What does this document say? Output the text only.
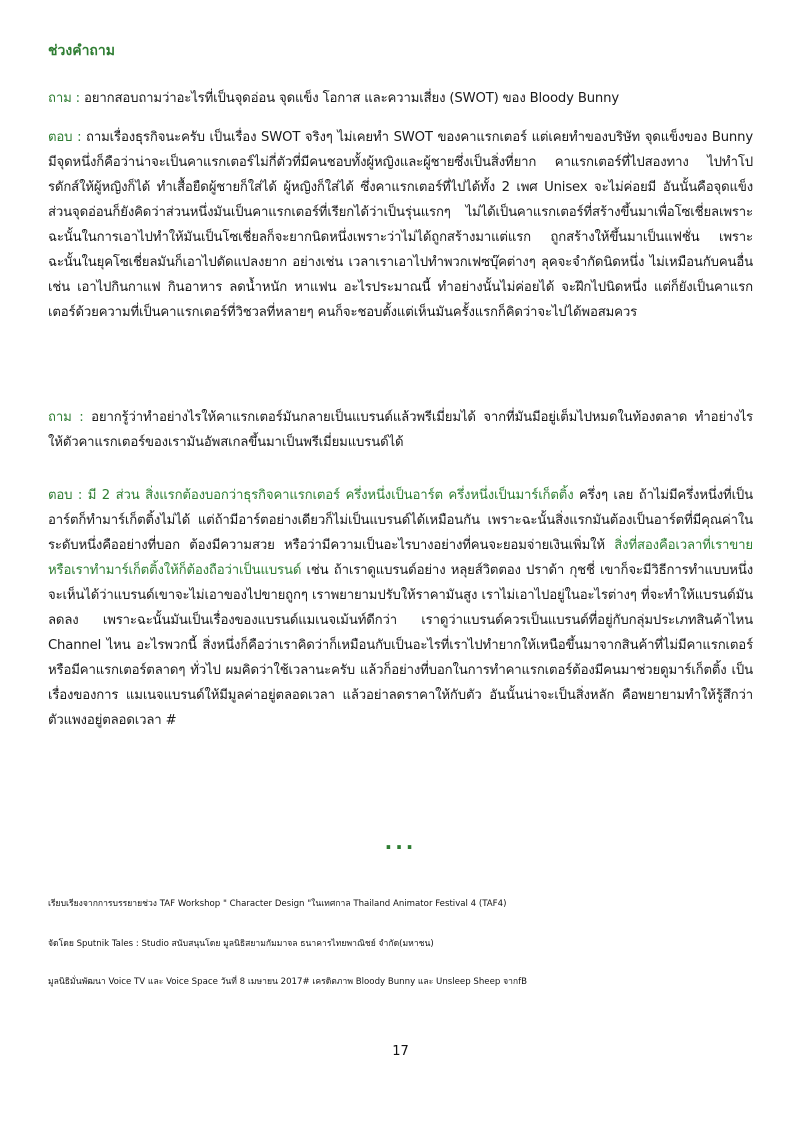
ช่วงคำถาม
ถาม : อยากสอบถามว่าอะไรที่เป็นจุดอ่อน จุดแข็ง โอกาส และความเสี่ยง (SWOT) ของ Bloody Bunny
ตอบ : ถามเรื่องธุรกิจนะครับ เป็นเรื่อง SWOT จริงๆ ไม่เคยทำ SWOT ของคาแรกเตอร์ แต่เคยทำของบริษัท จุดแข็งของ Bunny มีจุดหนึ่งก็คือว่าน่าจะเป็นคาแรกเตอร์ไม่กี่ตัวที่มีคนชอบทั้งผู้หญิงและผู้ชายซึ่งเป็นสิ่งที่ยาก คาแรกเตอร์ที่ไปสองทาง ไปทำโปรดักส์ให้ผู้หญิงก็ได้ ทำเสื้อยืดผู้ชายก็ใส่ได้ ผู้หญิงก็ใส่ได้ ซึ่งคาแรกเตอร์ที่ไปได้ทั้ง 2 เพศ Unisex จะไม่ค่อยมี อันนั้นคือจุดแข็ง ส่วนจุดอ่อนก็ยังคิดว่าส่วนหนึ่งมันเป็นคาแรกเตอร์ที่เรียกได้ว่าเป็นรุ่นแรกๆ ไม่ได้เป็นคาแรกเตอร์ที่สร้างขึ้นมาเพื่อโซเชี่ยลเพราะฉะนั้นในการเอาไปทำให้มันเป็นโซเชี่ยลก็จะยากนิดหนึ่งเพราะว่าไม่ได้ถูกสร้างมาแต่แรก ถูกสร้างให้ขึ้นมาเป็นแฟชั่น เพราะฉะนั้นในยุคโซเชี่ยลมันก็เอาไปดัดแปลงยาก อย่างเช่น เวลาเราเอาไปทำพวกเฟซบุ๊คต่างๆ ลุคจะจำกัดนิดหนึ่ง ไม่เหมือนกับคนอื่น เช่น เอาไปกินกาแฟ กินอาหาร ลดน้ำหนัก หาแฟน อะไรประมาณนี้ ทำอย่างนั้นไม่ค่อยได้ จะฝึกไปนิดหนึ่ง แต่ก็ยังเป็นคาแรกเตอร์ด้วยความที่เป็นคาแรกเตอร์ที่วิชวลที่หลายๆ คนก็จะชอบตั้งแต่เห็นมันครั้งแรกก็คิดว่าจะไปได้พอสมควร
ถาม : อยากรู้ว่าทำอย่างไรให้คาแรกเตอร์มันกลายเป็นแบรนด์แล้วพรีเมี่ยมได้ จากที่มันมีอยู่เต็มไปหมดในท้องตลาด ทำอย่างไรให้ตัวคาแรกเตอร์ของเรามันอัพสเกลขึ้นมาเป็นพรีเมี่ยมแบรนด์ได้
ตอบ : มี 2 ส่วน สิ่งแรกต้องบอกว่าธุรกิจคาแรกเตอร์ ครึ่งหนึ่งเป็นอาร์ต ครึ่งหนึ่งเป็นมาร์เก็ตติ้ง ครึ่งๆ เลย ถ้าไม่มีครึ่งหนึ่งที่เป็นอาร์ตก็ทำมาร์เก็ตติ้งไม่ได้ แต่ถ้ามีอาร์ตอย่างเดียวก็ไม่เป็นแบรนด์ได้เหมือนกัน เพราะฉะนั้นสิ่งแรกมันต้องเป็นอาร์ตที่มีคุณค่าในระดับหนึ่งคืออย่างที่บอก ต้องมีความสวย หรือว่ามีความเป็นอะไรบางอย่างที่คนจะยอมจ่ายเงินเพิ่มให้ สิ่งที่สองคือเวลาที่เราขายหรือเราทำมาร์เก็ตติ้งให้ก็ต้องถือว่าเป็นแบรนด์ เช่น ถ้าเราดูแบรนด์อย่าง หลุยส์วิตตอง ปราด้า กุชชี่ เขาก็จะมีวิธีการทำแบบหนึ่ง จะเห็นได้ว่าแบรนด์เขาจะไม่เอาของไปขายถูกๆ เราพยายามปรับให้ราคามันสูง เราไม่เอาไปอยู่ในอะไรต่างๆ ที่จะทำให้แบรนด์มันลดลง เพราะฉะนั้นมันเป็นเรื่องของแบรนด์แมเนจเม้นท์ดีกว่า เราดูว่าแบรนด์ควรเป็นแบรนด์ที่อยู่กับกลุ่มประเภทสินค้าไหน Channel ไหน อะไรพวกนี้ สิ่งหนึ่งก็คือว่าเราคิดว่าก็เหมือนกับเป็นอะไรที่เราไปทำยากให้เหนือขึ้นมาจากสินค้าที่ไม่มีคาแรกเตอร์ หรือมีคาแรกเตอร์ตลาดๆ ทั่วไป ผมคิดว่าใช้เวลานะครับ แล้วก็อย่างที่บอกในการทำคาแรกเตอร์ต้องมีคนมาช่วยดูมาร์เก็ตติ้ง เป็นเรื่องของการ แมเนจแบรนด์ให้มีมูลค่าอยู่ตลอดเวลา แล้วอย่าลดราคาให้กับตัว อันนั้นน่าจะเป็นสิ่งหลัก คือพยายามทำให้รู้สึกว่าตัวแพงอยู่ตลอดเวลา #
...
เรียบเรียงจากการบรรยายช่วง TAF Workshop " Character Design "ในเทศกาล Thailand Animator Festival 4 (TAF4)
จัดโดย Sputnik Tales : Studio สนับสนุนโดย มูลนิธิสยามกัมมาจล ธนาคารไทยพาณิชย์ จำกัด(มหาชน)
มูลนิธิมั่นพัฒนา Voice TV และ Voice Space วันที่ 8 เมษายน 2017# เครดิตภาพ Bloody Bunny และ Unsleep Sheep จากfB
17
